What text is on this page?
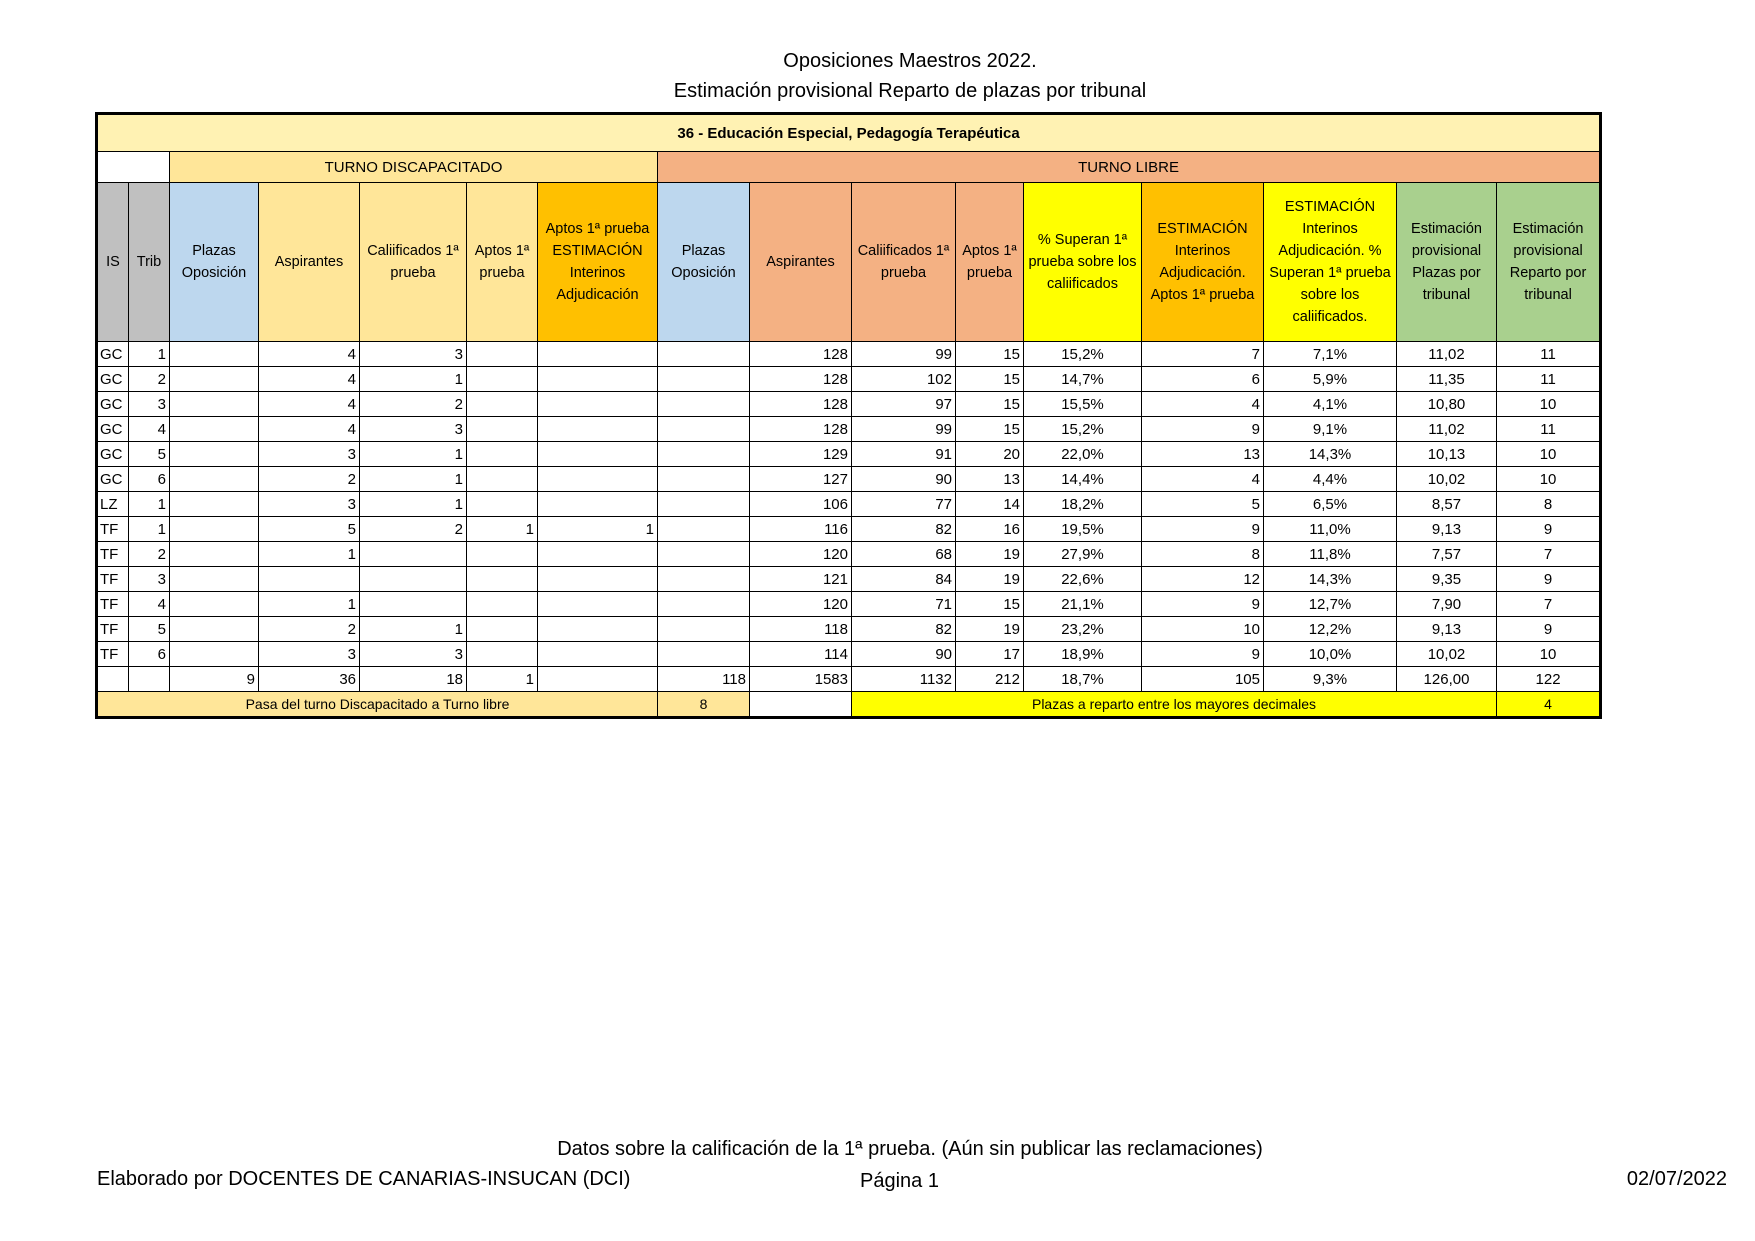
Oposiciones Maestros 2022.
Estimación provisional Reparto de plazas por tribunal
36 - Educación Especial, Pedagogía Terapéutica															
		TURNO DISCAPACITADO					TURNO LIBRE								
IS	Trib	Plazas Oposición	Aspirantes	Caliificados 1ª prueba	Aptos 1ª prueba	Aptos 1ª prueba ESTIMACIÓN Interinos Adjudicación	Plazas Oposición	Aspirantes	Caliificados 1ª prueba	Aptos 1ª prueba	% Superan 1ª prueba sobre los caliificados	ESTIMACIÓN Interinos Adjudicación. Aptos 1ª prueba	ESTIMACIÓN Interinos Adjudicación. % Superan 1ª prueba sobre los caliificados.	Estimación provisional Plazas por tribunal	Estimación provisional Reparto por tribunal
GC	1		4	3				128	99	15	15,2%	7	7,1%	11,02	11
GC	2		4	1				128	102	15	14,7%	6	5,9%	11,35	11
GC	3		4	2				128	97	15	15,5%	4	4,1%	10,80	10
GC	4		4	3				128	99	15	15,2%	9	9,1%	11,02	11
GC	5		3	1				129	91	20	22,0%	13	14,3%	10,13	10
GC	6		2	1				127	90	13	14,4%	4	4,4%	10,02	10
LZ	1		3	1				106	77	14	18,2%	5	6,5%	8,57	8
TF	1		5	2	1	1		116	82	16	19,5%	9	11,0%	9,13	9
TF	2		1					120	68	19	27,9%	8	11,8%	7,57	7
TF	3							121	84	19	22,6%	12	14,3%	9,35	9
TF	4		1					120	71	15	21,1%	9	12,7%	7,90	7
TF	5		2	1				118	82	19	23,2%	10	12,2%	9,13	9
TF	6		3	3				114	90	17	18,9%	9	10,0%	10,02	10
		9	36	18	1		118	1583	1132	212	18,7%	105	9,3%	126,00	122
Pasa del turno Discapacitado a Turno libre							8		Plazas a reparto entre los mayores decimales						4
Datos sobre la calificación de la 1ª prueba. (Aún sin publicar las reclamaciones)
Elaborado por DOCENTES DE CANARIAS-INSUCAN (DCI)	Página 1	02/07/2022
